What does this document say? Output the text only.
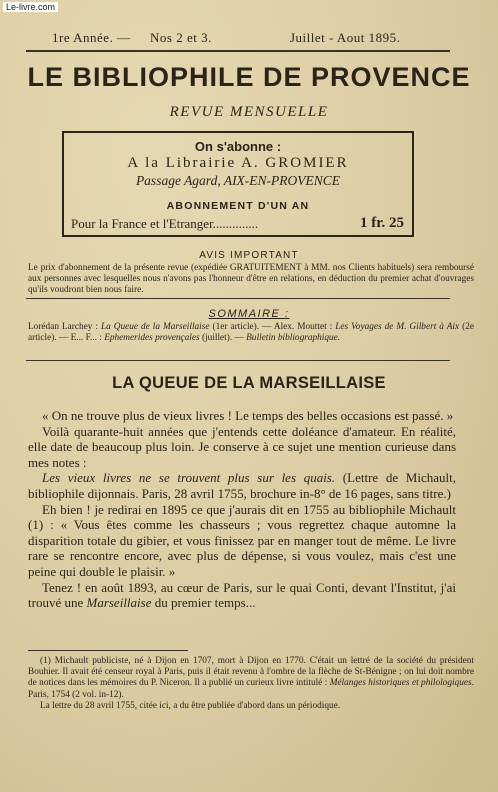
Le-livre.com
1re Année. — Nos 2 et 3.	Juillet - Aout 1895.
LE BIBLIOPHILE DE PROVENCE
REVUE MENSUELLE
On s'abonne :
A la Librairie A. GROMIER
Passage Agard, AIX-EN-PROVENCE
ABONNEMENT D'UN AN
Pour la France et l'Etranger..............	1 fr. 25
AVIS IMPORTANT
Le prix d'abonnement de la présente revue (expédiée GRATUITEMENT à MM. nos Clients habituels) sera remboursé aux personnes avec lesquelles nous n'avons pas l'honneur d'être en relations, en déduction du premier achat d'ouvrages qu'ils voudront bien nous faire.
SOMMAIRE :
Lorédan Larchey : La Queue de la Marseillaise (1er article). — Alex. Mouttet : Les Voyages de M. Gilbert à Aix (2e article). — E... F... : Ephemerides provençales (juillet). — Bulletin bibliographique.
LA QUEUE DE LA MARSEILLAISE

« On ne trouve plus de vieux livres ! Le temps des belles occasions est passé. »

Voilà quarante-huit années que j'entends cette doléance d'amateur. En réalité, elle date de beaucoup plus loin. Je conserve à ce sujet une mention curieuse dans mes notes :

Les vieux livres ne se trouvent plus sur les quais. (Lettre de Michault, bibliophile dijonnais. Paris, 28 avril 1755, brochure in-8° de 16 pages, sans titre.)

Eh bien ! je redirai en 1895 ce que j'aurais dit en 1755 au bibliophile Michault (1) : « Vous êtes comme les chasseurs ; vous regrettez chaque automne la disparition totale du gibier, et vous finissez par en manger tout de même. Le livre rare se rencontre encore, avec plus de dépense, si vous voulez, mais c'est une peine qui double le plaisir. »

Tenez ! en août 1893, au cœur de Paris, sur le quai Conti, devant l'Institut, j'ai trouvé une Marseillaise du premier temps...

(1) Michault publiciste, né à Dijon en 1707, mort à Dijon en 1770. C'était un lettré de la société du président Bouhier. Il avait été censeur royal à Paris, puis il était revenu à l'ombre de la flèche de St-Bénigne ; on lui doit nombre de notices dans les mémoires du P. Niceron. Il a publié un curieux livre intitulé : Mélanges historiques et philologiques. Paris, 1754 (2 vol. in-12).

La lettre du 28 avril 1755, citée ici, a du être publiée d'abord dans un périodique.
